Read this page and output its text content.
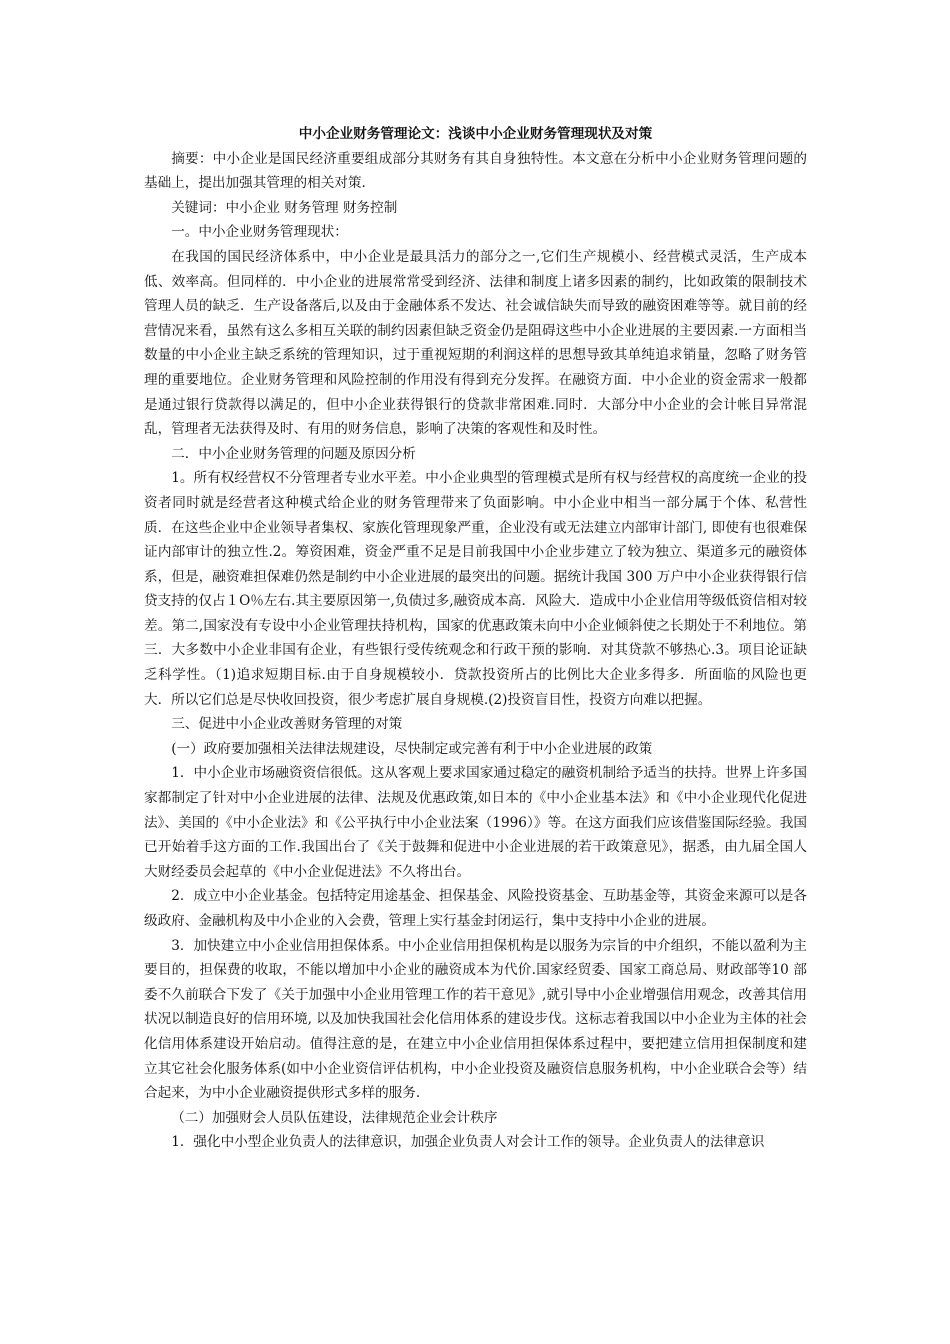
中小企业财务管理论文：浅谈中小企业财务管理现状及对策

摘要：中小企业是国民经济重要组成部分其财务有其自身独特性。本文意在分析中小企业财务管理问题的基础上，提出加强其管理的相关对策.

关键词：中小企业 财务管理 财务控制

一。中小企业财务管理现状：

在我国的国民经济体系中，中小企业是最具活力的部分之一,它们生产规模小、经营模式灵活，生产成本低、效率高。但同样的．中小企业的进展常常受到经济、法律和制度上诸多因素的制约，比如政策的限制技术管理人员的缺乏．生产设备落后,以及由于金融体系不发达、社会诚信缺失而导致的融资困难等等。就目前的经营情况来看，虽然有这么多相互关联的制约因素但缺乏资金仍是阻碍这些中小企业进展的主要因素.一方面相当数量的中小企业主缺乏系统的管理知识，过于重视短期的利润这样的思想导致其单纯追求销量，忽略了财务管理的重要地位。企业财务管理和风险控制的作用没有得到充分发挥。在融资方面．中小企业的资金需求一般都是通过银行贷款得以满足的，但中小企业获得银行的贷款非常困难.同时．大部分中小企业的会计帐目异常混乱，管理者无法获得及时、有用的财务信息，影响了决策的客观性和及时性。

二．中小企业财务管理的问题及原因分析

1。所有权经营权不分管理者专业水平差。中小企业典型的管理模式是所有权与经营权的高度统一企业的投资者同时就是经营者这种模式给企业的财务管理带来了负面影响。中小企业中相当一部分属于个体、私营性质．在这些企业中企业领导者集权、家族化管理现象严重，企业没有或无法建立内部审计部门, 即使有也很难保证内部审计的独立性.2。筹资困难，资金严重不足是目前我国中小企业步建立了较为独立、渠道多元的融资体系，但是，融资难担保难仍然是制约中小企业进展的最突出的问题。据统计我国 300 万户中小企业获得银行信贷支持的仅占１O％左右.其主要原因第一,负债过多,融资成本高．风险大．造成中小企业信用等级低资信相对较差。第二,国家没有专设中小企业管理扶持机构，国家的优惠政策未向中小企业倾斜使之长期处于不利地位。第三．大多数中小企业非国有企业，有些银行受传统观念和行政干预的影响．对其贷款不够热心.3。项目论证缺乏科学性。（1)追求短期目标.由于自身规模较小．贷款投资所占的比例比大企业多得多．所面临的风险也更大．所以它们总是尽快收回投资，很少考虑扩展自身规模.(2)投资盲目性，投资方向难以把握。

三、促进中小企业改善财务管理的对策

(一）政府要加强相关法律法规建设，尽快制定或完善有利于中小企业进展的政策

1．中小企业市场融资资信很低。这从客观上要求国家通过稳定的融资机制给予适当的扶持。世界上许多国家都制定了针对中小企业进展的法律、法规及优惠政策,如日本的《中小企业基本法》和《中小企业现代化促进法》、美国的《中小企业法》和《公平执行中小企业法案（1996）》等。在这方面我们应该借鉴国际经验。我国已开始着手这方面的工作.我国出台了《关于鼓舞和促进中小企业进展的若干政策意见》，据悉，由九届全国人大财经委员会起草的《中小企业促进法》不久将出台。

2．成立中小企业基金。包括特定用途基金、担保基金、风险投资基金、互助基金等，其资金来源可以是各级政府、金融机构及中小企业的入会费，管理上实行基金封闭运行，集中支持中小企业的进展。

3．加快建立中小企业信用担保体系。中小企业信用担保机构是以服务为宗旨的中介组织，不能以盈利为主要目的，担保费的收取，不能以增加中小企业的融资成本为代价.国家经贸委、国家工商总局、财政部等10 部委不久前联合下发了《关于加强中小企业用管理工作的若干意见》,就引导中小企业增强信用观念，改善其信用状况以制造良好的信用环境, 以及加快我国社会化信用体系的建设步伐。这标志着我国以中小企业为主体的社会化信用体系建设开始启动。值得注意的是，在建立中小企业信用担保体系过程中，要把建立信用担保制度和建立其它社会化服务体系(如中小企业资信评估机构，中小企业投资及融资信息服务机构，中小企业联合会等）结合起来，为中小企业融资提供形式多样的服务.

（二）加强财会人员队伍建设，法律规范企业会计秩序

1．强化中小型企业负责人的法律意识，加强企业负责人对会计工作的领导。企业负责人的法律意识
